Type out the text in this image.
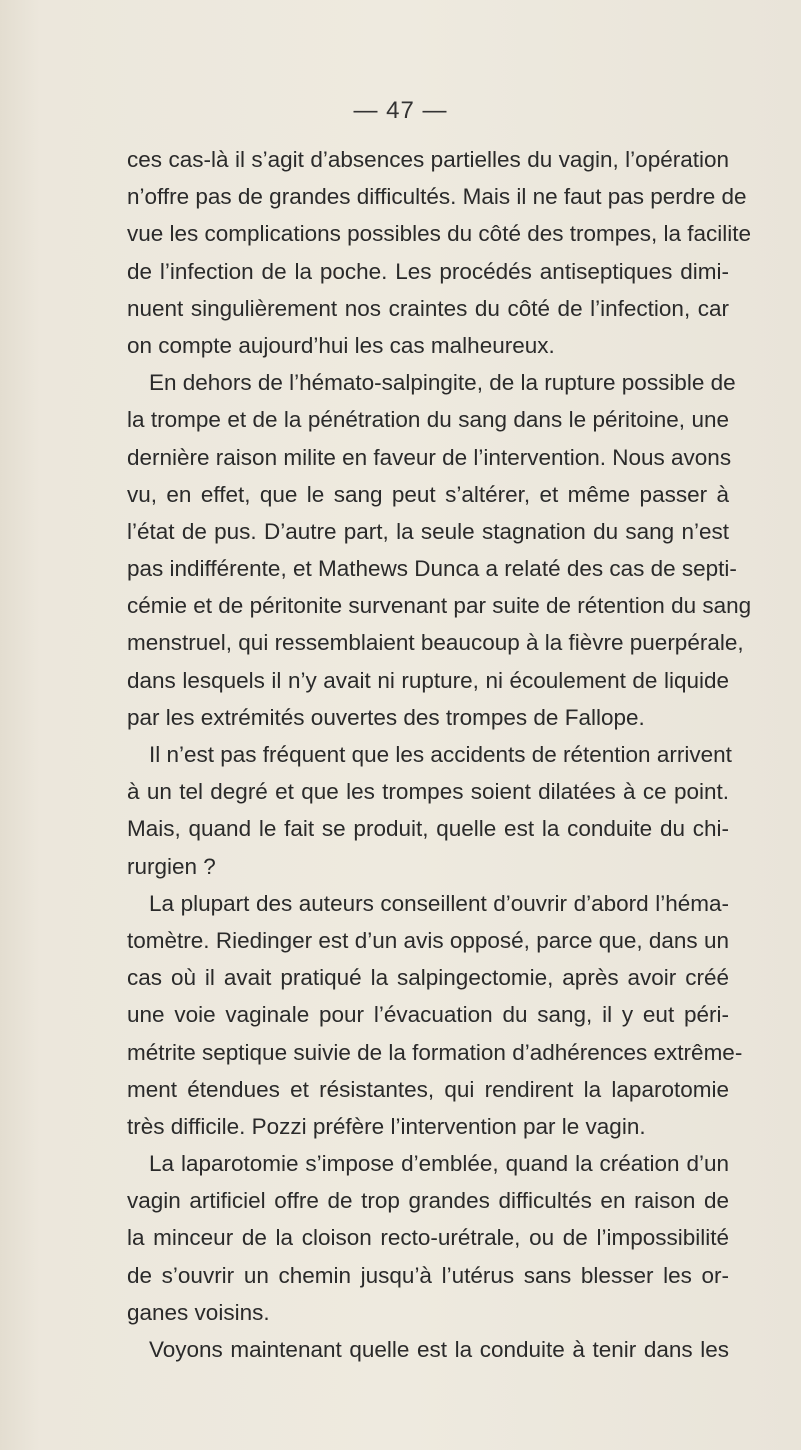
— 47 —
ces cas-là il s’agit d’absences partielles du vagin, l’opération
n’offre pas de grandes difficultés. Mais il ne faut pas perdre de
vue les complications possibles du côté des trompes, la facilite
de l’infection de la poche. Les procédés antiseptiques dimi-
nuent singulièrement nos craintes du côté de l’infection, car
on compte aujourd’hui les cas malheureux.
En dehors de l’hémato-salpingite, de la rupture possible de
la trompe et de la pénétration du sang dans le péritoine, une
dernière raison milite en faveur de l’intervention. Nous avons
vu, en effet, que le sang peut s’altérer, et même passer à
l’état de pus. D’autre part, la seule stagnation du sang n’est
pas indifférente, et Mathews Dunca a relaté des cas de septi-
cémie et de péritonite survenant par suite de rétention du sang
menstruel, qui ressemblaient beaucoup à la fièvre puerpérale,
dans lesquels il n’y avait ni rupture, ni écoulement de liquide
par les extrémités ouvertes des trompes de Fallope.
Il n’est pas fréquent que les accidents de rétention arrivent
à un tel degré et que les trompes soient dilatées à ce point.
Mais, quand le fait se produit, quelle est la conduite du chi-
rurgien ?
La plupart des auteurs conseillent d’ouvrir d’abord l’héma-
tomètre. Riedinger est d’un avis opposé, parce que, dans un
cas où il avait pratiqué la salpingectomie, après avoir créé
une voie vaginale pour l’évacuation du sang, il y eut péri-
métrite septique suivie de la formation d’adhérences extrême-
ment étendues et résistantes, qui rendirent la laparotomie
très difficile. Pozzi préfère l’intervention par le vagin.
La laparotomie s’impose d’emblée, quand la création d’un
vagin artificiel offre de trop grandes difficultés en raison de
la minceur de la cloison recto-urétrale, ou de l’impossibilité
de s’ouvrir un chemin jusqu’à l’utérus sans blesser les or-
ganes voisins.
Voyons maintenant quelle est la conduite à tenir dans les
